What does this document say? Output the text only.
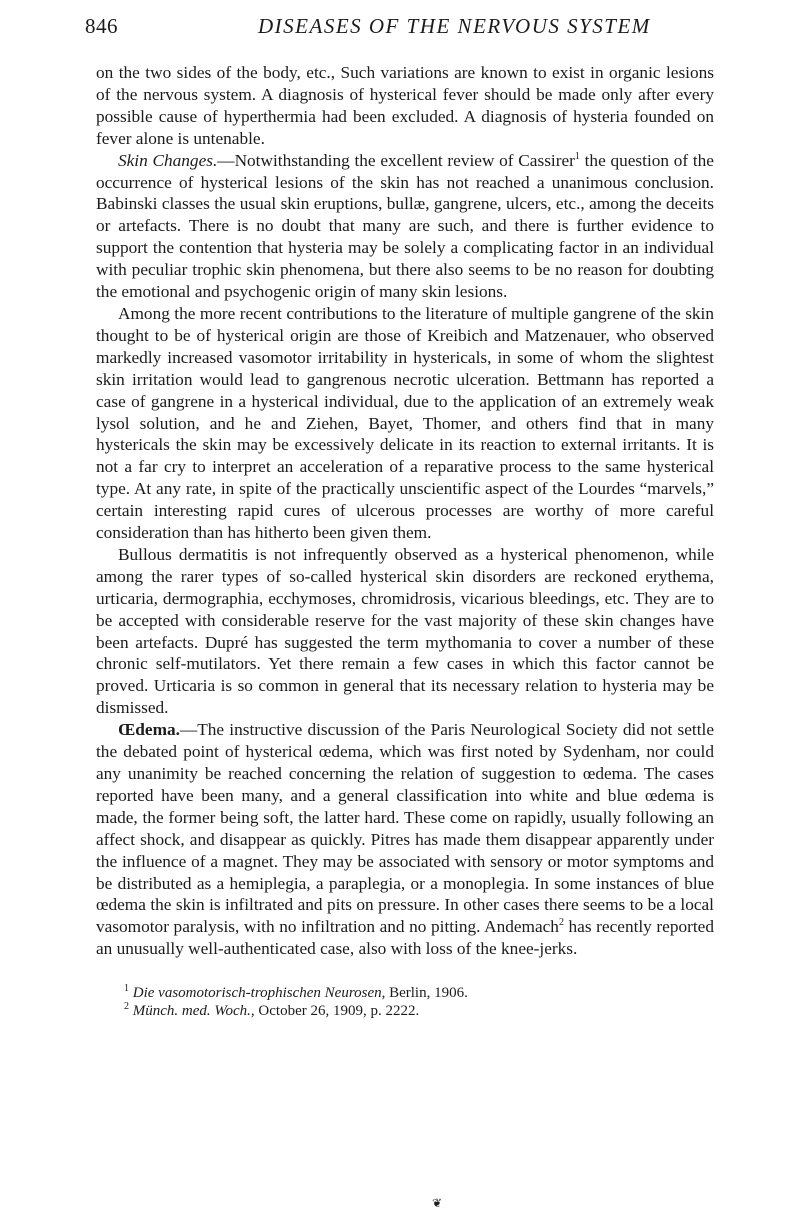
846	DISEASES OF THE NERVOUS SYSTEM

on the two sides of the body, etc., Such variations are known to exist in organic lesions of the nervous system. A diagnosis of hysterical fever should be made only after every possible cause of hyperthermia had been excluded. A diagnosis of hysteria founded on fever alone is untenable.

Skin Changes.—Notwithstanding the excellent review of Cassirer$^1$ the question of the occurrence of hysterical lesions of the skin has not reached a unanimous conclusion. Babinski classes the usual skin eruptions, bullæ, gangrene, ulcers, etc., among the deceits or artefacts. There is no doubt that many are such, and there is further evidence to support the contention that hysteria may be solely a complicating factor in an individual with peculiar trophic skin phenomena, but there also seems to be no reason for doubting the emotional and psychogenic origin of many skin lesions.

Among the more recent contributions to the literature of multiple gangrene of the skin thought to be of hysterical origin are those of Kreibich and Matzenauer, who observed markedly increased vasomotor irritability in hystericals, in some of whom the slightest skin irritation would lead to gangrenous necrotic ulceration. Bettmann has reported a case of gangrene in a hysterical individual, due to the application of an extremely weak lysol solution, and he and Ziehen, Bayet, Thomer, and others find that in many hystericals the skin may be excessively delicate in its reaction to external irritants. It is not a far cry to interpret an acceleration of a reparative process to the same hysterical type. At any rate, in spite of the practically unscientific aspect of the Lourdes “marvels,” certain interesting rapid cures of ulcerous processes are worthy of more careful consideration than has hitherto been given them.

Bullous dermatitis is not infrequently observed as a hysterical phenomenon, while among the rarer types of so-called hysterical skin disorders are reckoned erythema, urticaria, dermographia, ecchymoses, chromidrosis, vicarious bleedings, etc. They are to be accepted with considerable reserve for the vast majority of these skin changes have been artefacts. Dupré has suggested the term mythomania to cover a number of these chronic self-mutilators. Yet there remain a few cases in which this factor cannot be proved. Urticaria is so common in general that its necessary relation to hysteria may be dismissed.

Œdema.—The instructive discussion of the Paris Neurological Society did not settle the debated point of hysterical œdema, which was first noted by Sydenham, nor could any unanimity be reached concerning the relation of suggestion to œdema. The cases reported have been many, and a general classification into white and blue œdema is made, the former being soft, the latter hard. These come on rapidly, usually following an affect shock, and disappear as quickly. Pitres has made them disappear apparently under the influence of a magnet. They may be associated with sensory or motor symptoms and be distributed as a hemiplegia, a paraplegia, or a monoplegia. In some instances of blue œdema the skin is infiltrated and pits on pressure. In other cases there seems to be a local vasomotor paralysis, with no infiltration and no pitting. Andemach$^2$ has recently reported an unusually well-authenticated case, also with loss of the knee-jerks.

$^1$ Die vasomotorisch-trophischen Neurosen, Berlin, 1906.
$^2$ Münch. med. Woch., October 26, 1909, p. 2222.
❦
